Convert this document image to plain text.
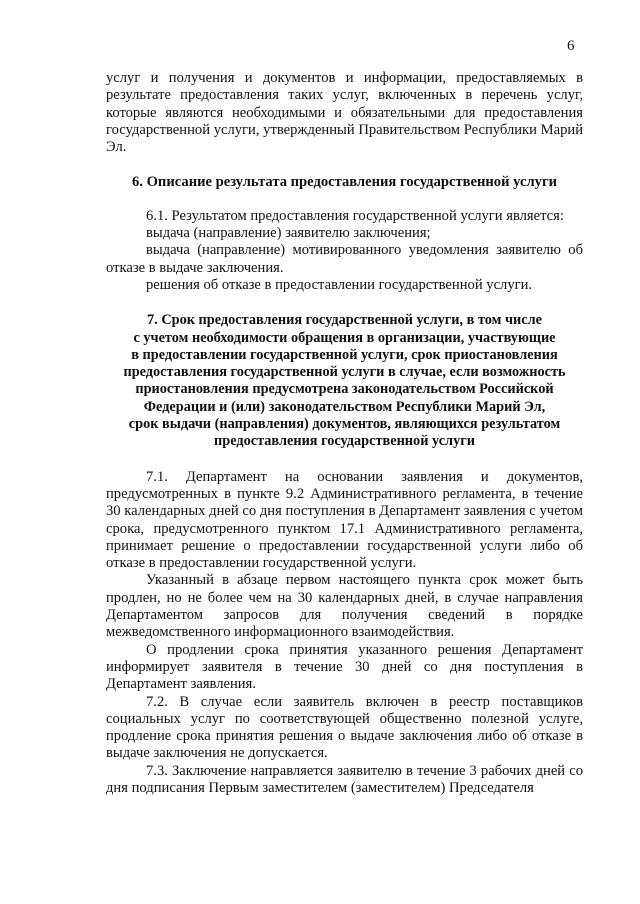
6

услуг и получения и документов и информации, предоставляемых в результате предоставления таких услуг, включенных в перечень услуг, которые являются необходимыми и обязательными для предоставления государственной услуги, утвержденный Правительством Республики Марий Эл.

6. Описание результата предоставления государственной услуги

6.1. Результатом предоставления государственной услуги является:

выдача (направление) заявителю заключения;

выдача (направление) мотивированного уведомления заявителю об отказе в выдаче заключения.

решения об отказе в предоставлении государственной услуги.

7. Срок предоставления государственной услуги, в том числе
с учетом необходимости обращения в организации, участвующие
в предоставлении государственной услуги, срок приостановления
предоставления государственной услуги в случае, если возможность
приостановления предусмотрена законодательством Российской
Федерации и (или) законодательством Республики Марий Эл,
срок выдачи (направления) документов, являющихся результатом
предоставления государственной услуги

7.1. Департамент на основании заявления и документов, предусмотренных в пункте 9.2 Административного регламента, в течение 30 календарных дней со дня поступления в Департамент заявления с учетом срока, предусмотренного пунктом 17.1 Административного регламента, принимает решение о предоставлении государственной услуги либо об отказе в предоставлении государственной услуги.

Указанный в абзаце первом настоящего пункта срок может быть продлен, но не более чем на 30 календарных дней, в случае направления Департаментом запросов для получения сведений в порядке межведомственного информационного взаимодействия.

О продлении срока принятия указанного решения Департамент информирует заявителя в течение 30 дней со дня поступления в Департамент заявления.

7.2. В случае если заявитель включен в реестр поставщиков социальных услуг по соответствующей общественно полезной услуге, продление срока принятия решения о выдаче заключения либо об отказе в выдаче заключения не допускается.

7.3. Заключение направляется заявителю в течение 3 рабочих дней со дня подписания Первым заместителем (заместителем) Председателя
